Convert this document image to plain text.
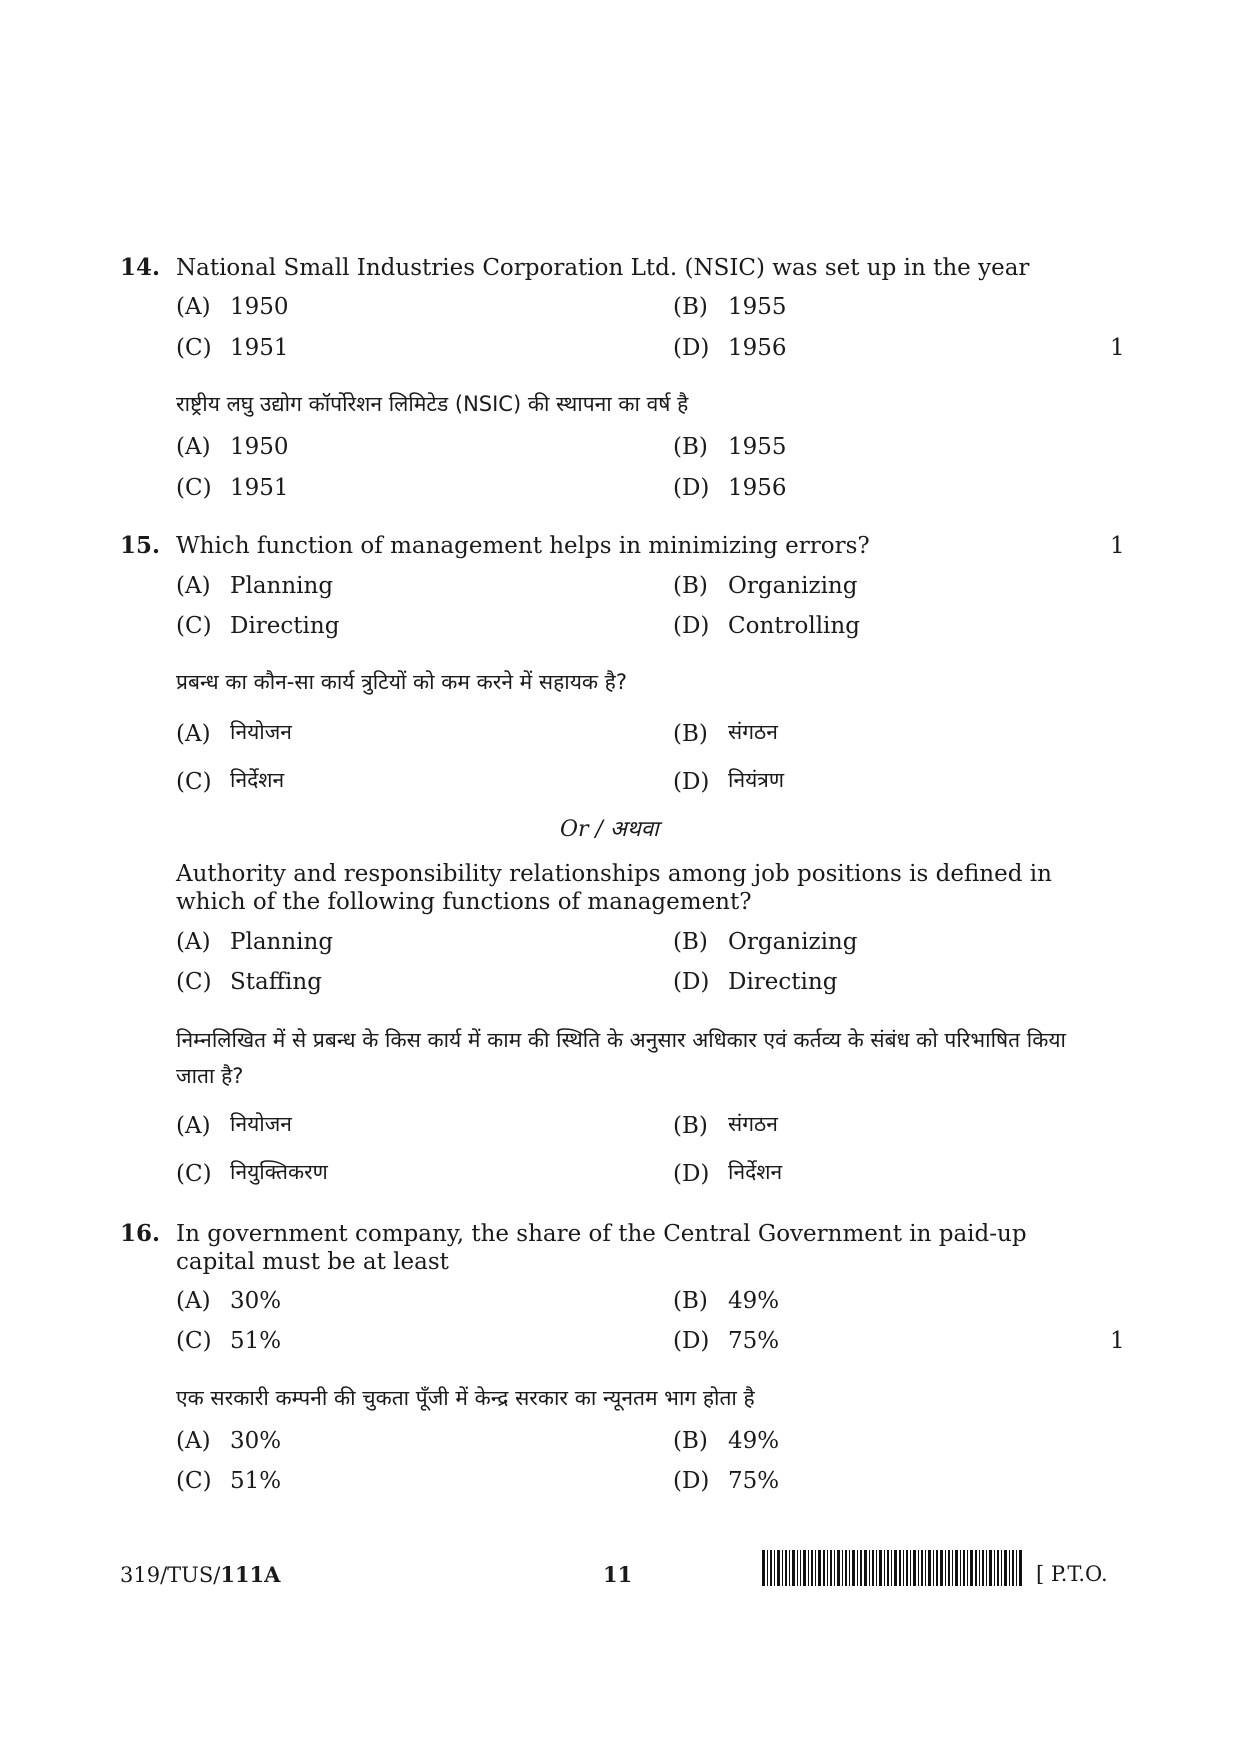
14. National Small Industries Corporation Ltd. (NSIC) was set up in the year
(A) 1950	(B) 1955
(C) 1951	(D) 1956	1
राष्ट्रीय लघु उद्योग कॉर्पोरेशन लिमिटेड (NSIC) की स्थापना का वर्ष है
(A) 1950	(B) 1955
(C) 1951	(D) 1956
15. Which function of management helps in minimizing errors?	1
(A) Planning	(B) Organizing
(C) Directing	(D) Controlling
प्रबन्ध का कौन-सा कार्य त्रुटियों को कम करने में सहायक है?
(A) नियोजन	(B) संगठन
(C) निर्देशन	(D) नियंत्रण
Or / अथवा
Authority and responsibility relationships among job positions is defined in which of the following functions of management?
(A) Planning	(B) Organizing
(C) Staffing	(D) Directing
निम्नलिखित में से प्रबन्ध के किस कार्य में काम की स्थिति के अनुसार अधिकार एवं कर्तव्य के संबंध को परिभाषित किया जाता है?
(A) नियोजन	(B) संगठन
(C) नियुक्तिकरण	(D) निर्देशन
16. In government company, the share of the Central Government in paid-up capital must be at least
(A) 30%	(B) 49%
(C) 51%	(D) 75%	1
एक सरकारी कम्पनी की चुकता पूँजी में केन्द्र सरकार का न्यूनतम भाग होता है
(A) 30%	(B) 49%
(C) 51%	(D) 75%
319/TUS/111A	11	[ P.T.O.
